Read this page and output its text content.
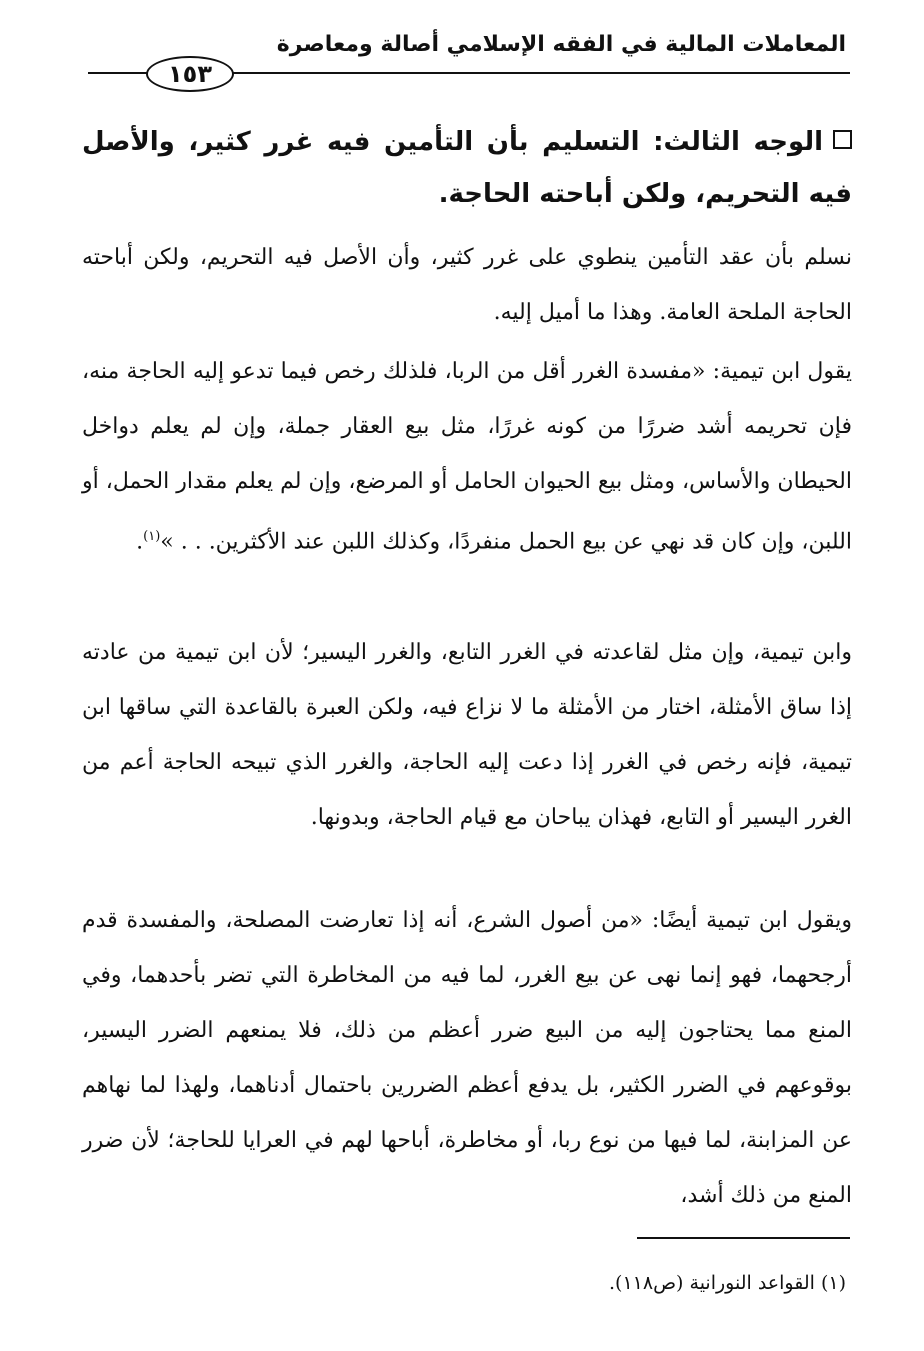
المعاملات المالية في الفقه الإسلامي أصالة ومعاصرة
١٥٣
الوجه الثالث: التسليم بأن التأمين فيه غرر كثير، والأصل فيه التحريم، ولكن أباحته الحاجة.
نسلم بأن عقد التأمين ينطوي على غرر كثير، وأن الأصل فيه التحريم، ولكن أباحته الحاجة الملحة العامة. وهذا ما أميل إليه.
يقول ابن تيمية: «مفسدة الغرر أقل من الربا، فلذلك رخص فيما تدعو إليه الحاجة منه، فإن تحريمه أشد ضررًا من كونه غررًا، مثل بيع العقار جملة، وإن لم يعلم دواخل الحيطان والأساس، ومثل بيع الحيوان الحامل أو المرضع، وإن لم يعلم مقدار الحمل، أو اللبن، وإن كان قد نهي عن بيع الحمل منفردًا، وكذلك اللبن عند الأكثرين. . . »$^{(١)}$.
وابن تيمية، وإن مثل لقاعدته في الغرر التابع، والغرر اليسير؛ لأن ابن تيمية من عادته إذا ساق الأمثلة، اختار من الأمثلة ما لا نزاع فيه، ولكن العبرة بالقاعدة التي ساقها ابن تيمية، فإنه رخص في الغرر إذا دعت إليه الحاجة، والغرر الذي تبيحه الحاجة أعم من الغرر اليسير أو التابع، فهذان يباحان مع قيام الحاجة، وبدونها.
ويقول ابن تيمية أيضًا: «من أصول الشرع، أنه إذا تعارضت المصلحة، والمفسدة قدم أرجحهما، فهو إنما نهى عن بيع الغرر، لما فيه من المخاطرة التي تضر بأحدهما، وفي المنع مما يحتاجون إليه من البيع ضرر أعظم من ذلك، فلا يمنعهم الضرر اليسير، بوقوعهم في الضرر الكثير، بل يدفع أعظم الضررين باحتمال أدناهما، ولهذا لما نهاهم عن المزابنة، لما فيها من نوع ربا، أو مخاطرة، أباحها لهم في العرايا للحاجة؛ لأن ضرر المنع من ذلك أشد،
(١) القواعد النورانية (ص١١٨).
